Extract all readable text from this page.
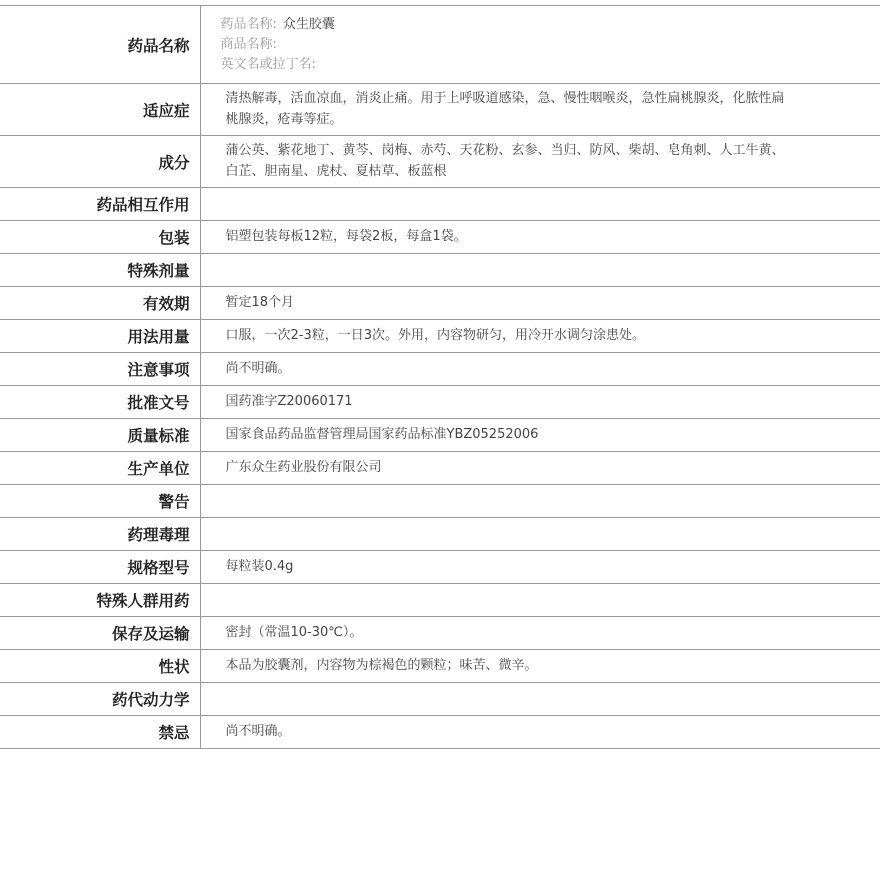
药品名称	药品名称: 众生胶囊
商品名称:
英文名或拉丁名:

适应症	清热解毒，活血凉血，消炎止痛。用于上呼吸道感染，急、慢性咽喉炎，急性扁桃腺炎，化脓性扁桃腺炎，疮毒等症。
成分	蒲公英、紫花地丁、黄芩、岗梅、赤芍、天花粉、玄参、当归、防风、柴胡、皂角刺、人工牛黄、白芷、胆南星、虎杖、夏枯草、板蓝根
药品相互作用	
包装	铝塑包装每板12粒，每袋2板，每盒1袋。
特殊剂量	
有效期	暂定18个月
用法用量	口服，一次2-3粒，一日3次。外用，内容物研匀，用冷开水调匀涂患处。
注意事项	尚不明确。
批准文号	国药准字Z20060171
质量标准	国家食品药品监督管理局国家药品标准YBZ05252006
生产单位	广东众生药业股份有限公司
警告	
药理毒理	
规格型号	每粒装0.4g
特殊人群用药	
保存及运输	密封（常温10-30℃）。
性状	本品为胶囊剂，内容物为棕褐色的颗粒；味苦、微辛。
药代动力学	
禁忌	尚不明确。
